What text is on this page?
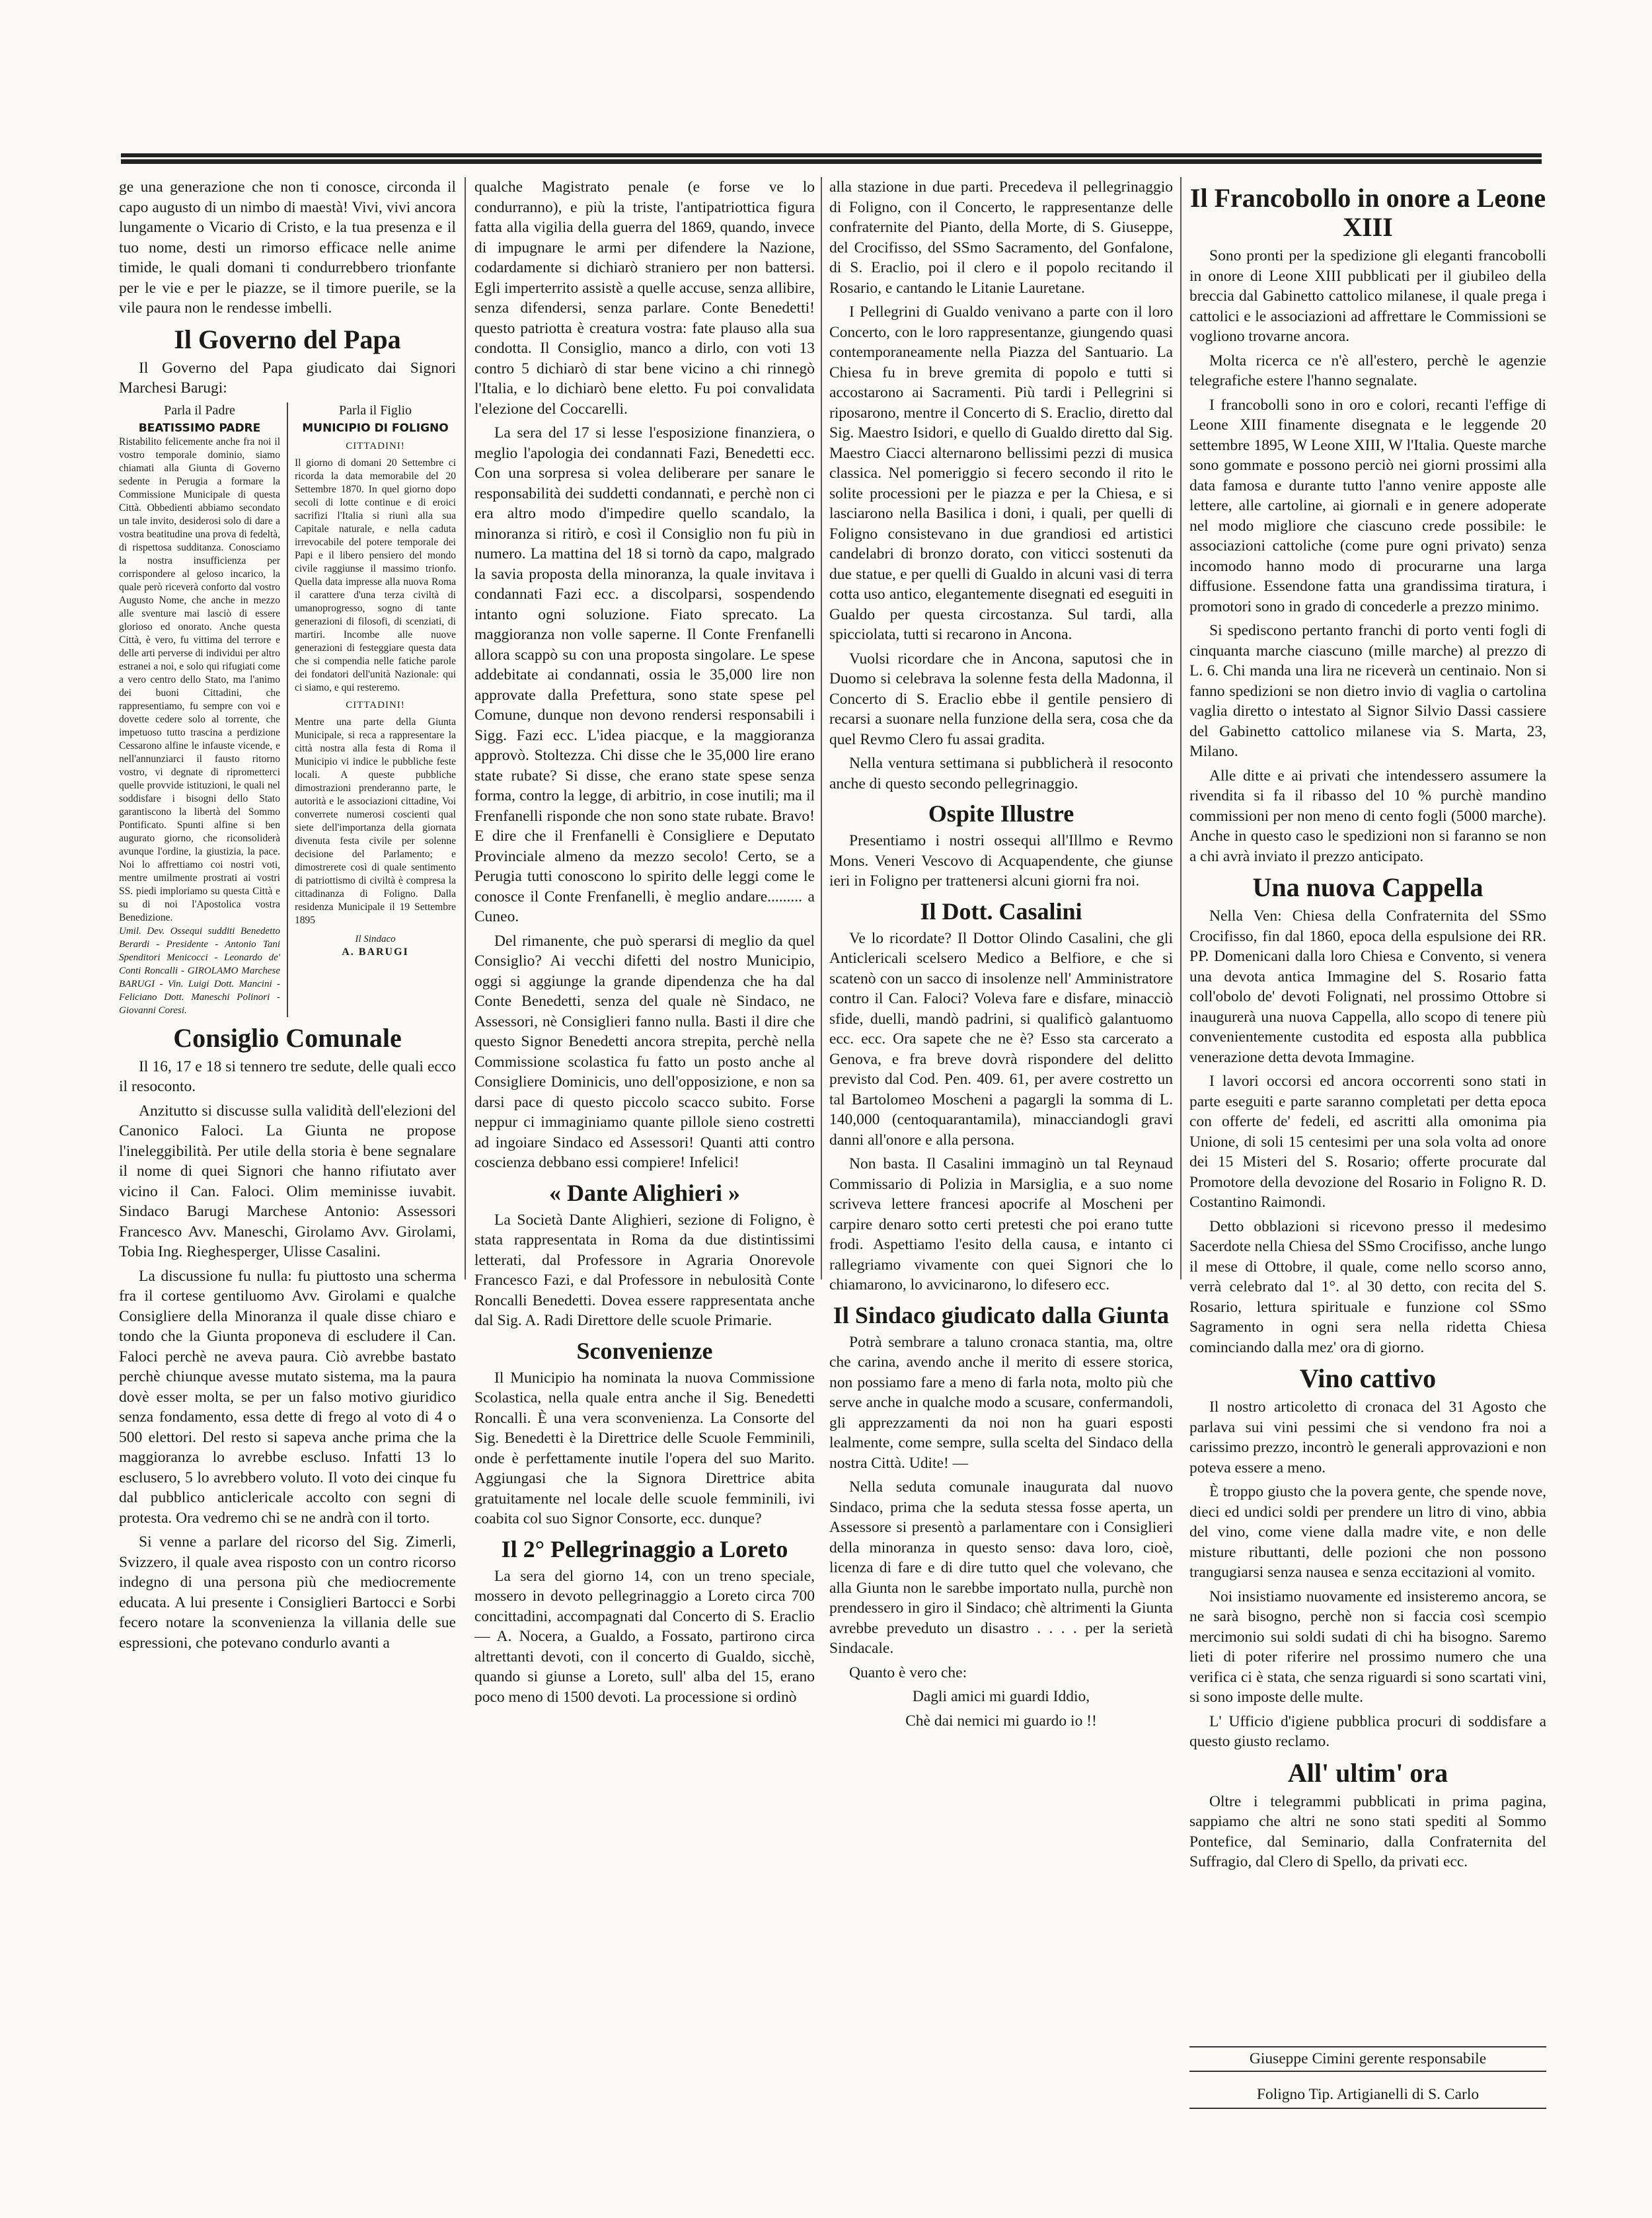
ge una generazione che non ti conosce, circonda il capo augusto di un nimbo di maestà! Vivi, vivi ancora lungamente o Vicario di Cristo, e la tua presenza e il tuo nome, desti un rimorso efficace nelle anime timide, le quali domani ti condurrebbero trionfante per le vie e per le piazze, se il timore puerile, se la vile paura non le rendesse imbelli.

Il Governo del Papa

Il Governo del Papa giudicato dai Signori Marchesi Barugi:

Parla il Padre
BEATISSIMO PADRE
Ristabilito felicemente anche fra noi il vostro temporale dominio, siamo chiamati alla Giunta di Governo sedente in Perugia a formare la Commissione Municipale di questa Città. Obbedienti abbiamo secondato un tale invito, desiderosi solo di dare a vostra beatitudine una prova di fedeltà, di rispettosa sudditanza. Conosciamo la nostra insufficienza per corrispondere al geloso incarico, la quale però riceverà conforto dal vostro Augusto Nome, che anche in mezzo alle sventure mai lasciò di essere glorioso ed onorato. Anche questa Città, è vero, fu vittima del terrore e delle arti perverse di individui per altro estranei a noi, e solo qui rifugiati come a vero centro dello Stato, ma l'animo dei buoni Cittadini, che rappresentiamo, fu sempre con voi e dovette cedere solo al torrente, che impetuoso tutto trascina a perdizione Cessarono alfine le infauste vicende, e nell'annunziarci il fausto ritorno vostro, vi degnate di riprometterci quelle provvide istituzioni, le quali nel soddisfare i bisogni dello Stato garantiscono la libertà del Sommo Pontificato. Spunti alfine si ben augurato giorno, che riconsoliderà avunque l'ordine, la giustizia, la pace. Noi lo affrettiamo coi nostri voti, mentre umilmente prostrati ai vostri SS. piedi imploriamo su questa Città e su di noi l'Apostolica vostra Benedizione.
Umil. Dev. Ossequi sudditi Benedetto Berardi - Presidente - Antonio Tani Spenditori Menicocci - Leonardo de' Conti Roncalli - GIROLAMO Marchese BARUGI - Vin. Luigi Dott. Mancini - Feliciano Dott. Maneschi Polinori - Giovanni Coresi.
Parla il Figlio
MUNICIPIO DI FOLIGNO
CITTADINI!
Il giorno di domani 20 Settembre ci ricorda la data memorabile del 20 Settembre 1870. In quel giorno dopo secoli di lotte continue e di eroici sacrifizi l'Italia si riunì alla sua Capitale naturale, e nella caduta irrevocabile del potere temporale dei Papi e il libero pensiero del mondo civile raggiunse il massimo trionfo. Quella data impresse alla nuova Roma il carattere d'una terza civiltà di umanoprogresso, sogno di tante generazioni di filosofi, di scenziati, di martiri. Incombe alle nuove generazioni di festeggiare questa data che si compendia nelle fatiche parole dei fondatori dell'unità Nazionale: qui ci siamo, e qui resteremo.
CITTADINI!
Mentre una parte della Giunta Municipale, si reca a rappresentare la città nostra alla festa di Roma il Municipio vi indice le pubbliche feste locali. A queste pubbliche dimostrazioni prenderanno parte, le autorità e le associazioni cittadine, Voi converrete numerosi coscienti qual siete dell'importanza della giornata divenuta festa civile per solenne decisione del Parlamento; e dimostrerete così di quale sentimento di patriottismo di civiltà è compresa la cittadinanza di Foligno. Dalla residenza Municipale il 19 Settembre 1895
Il Sindaco
A. BARUGI
Consiglio Comunale

Il 16, 17 e 18 si tennero tre sedute, delle quali ecco il resoconto.

Anzitutto si discusse sulla validità dell'elezioni del Canonico Faloci. La Giunta ne propose l'ineleggibilità. Per utile della storia è bene segnalare il nome di quei Signori che hanno rifiutato aver vicino il Can. Faloci. Olim meminisse iuvabit. Sindaco Barugi Marchese Antonio: Assessori Francesco Avv. Maneschi, Girolamo Avv. Girolami, Tobia Ing. Rieghesperger, Ulisse Casalini.

La discussione fu nulla: fu piuttosto una scherma fra il cortese gentiluomo Avv. Girolami e qualche Consigliere della Minoranza il quale disse chiaro e tondo che la Giunta proponeva di escludere il Can. Faloci perchè ne aveva paura. Ciò avrebbe bastato perchè chiunque avesse mutato sistema, ma la paura dovè esser molta, se per un falso motivo giuridico senza fondamento, essa dette di frego al voto di 4 o 500 elettori. Del resto si sapeva anche prima che la maggioranza lo avrebbe escluso. Infatti 13 lo esclusero, 5 lo avrebbero voluto. Il voto dei cinque fu dal pubblico anticlericale accolto con segni di protesta. Ora vedremo chi se ne andrà con il torto.

Si venne a parlare del ricorso del Sig. Zimerli, Svizzero, il quale avea risposto con un contro ricorso indegno di una persona più che mediocremente educata. A lui presente i Consiglieri Bartocci e Sorbi fecero notare la sconvenienza la villania delle sue espressioni, che potevano condurlo avanti a

qualche Magistrato penale (e forse ve lo condurranno), e più la triste, l'antipatriottica figura fatta alla vigilia della guerra del 1869, quando, invece di impugnare le armi per difendere la Nazione, codardamente si dichiarò straniero per non battersi. Egli imperterrito assistè a quelle accuse, senza allibire, senza difendersi, senza parlare. Conte Benedetti! questo patriotta è creatura vostra: fate plauso alla sua condotta. Il Consiglio, manco a dirlo, con voti 13 contro 5 dichiarò di star bene vicino a chi rinnegò l'Italia, e lo dichiarò bene eletto. Fu poi convalidata l'elezione del Coccarelli.

La sera del 17 si lesse l'esposizione finanziera, o meglio l'apologia dei condannati Fazi, Benedetti ecc. Con una sorpresa si volea deliberare per sanare le responsabilità dei suddetti condannati, e perchè non ci era altro modo d'impedire quello scandalo, la minoranza si ritirò, e così il Consiglio non fu più in numero. La mattina del 18 si tornò da capo, malgrado la savia proposta della minoranza, la quale invitava i condannati Fazi ecc. a discolparsi, sospendendo intanto ogni soluzione. Fiato sprecato. La maggioranza non volle saperne. Il Conte Frenfanelli allora scappò su con una proposta singolare. Le spese addebitate ai condannati, ossia le 35,000 lire non approvate dalla Prefettura, sono state spese pel Comune, dunque non devono rendersi responsabili i Sigg. Fazi ecc. L'idea piacque, e la maggioranza approvò. Stoltezza. Chi disse che le 35,000 lire erano state rubate? Si disse, che erano state spese senza forma, contro la legge, di arbitrio, in cose inutili; ma il Frenfanelli risponde che non sono state rubate. Bravo! E dire che il Frenfanelli è Consigliere e Deputato Provinciale almeno da mezzo secolo! Certo, se a Perugia tutti conoscono lo spirito delle leggi come le conosce il Conte Frenfanelli, è meglio andare......... a Cuneo.

Del rimanente, che può sperarsi di meglio da quel Consiglio? Ai vecchi difetti del nostro Municipio, oggi si aggiunge la grande dipendenza che ha dal Conte Benedetti, senza del quale nè Sindaco, ne Assessori, nè Consiglieri fanno nulla. Basti il dire che questo Signor Benedetti ancora strepita, perchè nella Commissione scolastica fu fatto un posto anche al Consigliere Dominicis, uno dell'opposizione, e non sa darsi pace di questo piccolo scacco subito. Forse neppur ci immaginiamo quante pillole sieno costretti ad ingoiare Sindaco ed Assessori! Quanti atti contro coscienza debbano essi compiere! Infelici!

« Dante Alighieri »

La Società Dante Alighieri, sezione di Foligno, è stata rappresentata in Roma da due distintissimi letterati, dal Professore in Agraria Onorevole Francesco Fazi, e dal Professore in nebulosità Conte Roncalli Benedetti. Dovea essere rappresentata anche dal Sig. A. Radi Direttore delle scuole Primarie.

Sconvenienze

Il Municipio ha nominata la nuova Commissione Scolastica, nella quale entra anche il Sig. Benedetti Roncalli. È una vera sconvenienza. La Consorte del Sig. Benedetti è la Direttrice delle Scuole Femminili, onde è perfettamente inutile l'opera del suo Marito. Aggiungasi che la Signora Direttrice abita gratuitamente nel locale delle scuole femminili, ivi coabita col suo Signor Consorte, ecc. dunque?

Il 2° Pellegrinaggio a Loreto

La sera del giorno 14, con un treno speciale, mossero in devoto pellegrinaggio a Loreto circa 700 concittadini, accompagnati dal Concerto di S. Eraclio — A. Nocera, a Gualdo, a Fossato, partirono circa altrettanti devoti, con il concerto di Gualdo, sicchè, quando si giunse a Loreto, sull' alba del 15, erano poco meno di 1500 devoti. La processione si ordinò

alla stazione in due parti. Precedeva il pellegrinaggio di Foligno, con il Concerto, le rappresentanze delle confraternite del Pianto, della Morte, di S. Giuseppe, del Crocifisso, del SSmo Sacramento, del Gonfalone, di S. Eraclio, poi il clero e il popolo recitando il Rosario, e cantando le Litanie Lauretane.

I Pellegrini di Gualdo venivano a parte con il loro Concerto, con le loro rappresentanze, giungendo quasi contemporaneamente nella Piazza del Santuario. La Chiesa fu in breve gremita di popolo e tutti si accostarono ai Sacramenti. Più tardi i Pellegrini si riposarono, mentre il Concerto di S. Eraclio, diretto dal Sig. Maestro Isidori, e quello di Gualdo diretto dal Sig. Maestro Ciacci alternarono bellissimi pezzi di musica classica. Nel pomeriggio si fecero secondo il rito le solite processioni per le piazza e per la Chiesa, e si lasciarono nella Basilica i doni, i quali, per quelli di Foligno consistevano in due grandiosi ed artistici candelabri di bronzo dorato, con viticci sostenuti da due statue, e per quelli di Gualdo in alcuni vasi di terra cotta uso antico, elegantemente disegnati ed eseguiti in Gualdo per questa circostanza. Sul tardi, alla spicciolata, tutti si recarono in Ancona.

Vuolsi ricordare che in Ancona, saputosi che in Duomo si celebrava la solenne festa della Madonna, il Concerto di S. Eraclio ebbe il gentile pensiero di recarsi a suonare nella funzione della sera, cosa che da quel Revmo Clero fu assai gradita.

Nella ventura settimana si pubblicherà il resoconto anche di questo secondo pellegrinaggio.

Ospite Illustre

Presentiamo i nostri ossequi all'Illmo e Revmo Mons. Veneri Vescovo di Acquapendente, che giunse ieri in Foligno per trattenersi alcuni giorni fra noi.

Il Dott. Casalini

Ve lo ricordate? Il Dottor Olindo Casalini, che gli Anticlericali scelsero Medico a Belfiore, e che si scatenò con un sacco di insolenze nell' Amministratore contro il Can. Faloci? Voleva fare e disfare, minacciò sfide, duelli, mandò padrini, si qualificò galantuomo ecc. ecc. Ora sapete che ne è? Esso sta carcerato a Genova, e fra breve dovrà rispondere del delitto previsto dal Cod. Pen. 409. 61, per avere costretto un tal Bartolomeo Moscheni a pagargli la somma di L. 140,000 (centoquarantamila), minacciandogli gravi danni all'onore e alla persona.

Non basta. Il Casalini immaginò un tal Reynaud Commissario di Polizia in Marsiglia, e a suo nome scriveva lettere francesi apocrife al Moscheni per carpire denaro sotto certi pretesti che poi erano tutte frodi. Aspettiamo l'esito della causa, e intanto ci rallegriamo vivamente con quei Signori che lo chiamarono, lo avvicinarono, lo difesero ecc.

Il Sindaco giudicato dalla Giunta

Potrà sembrare a taluno cronaca stantia, ma, oltre che carina, avendo anche il merito di essere storica, non possiamo fare a meno di farla nota, molto più che serve anche in qualche modo a scusare, confermandoli, gli apprezzamenti da noi non ha guari esposti lealmente, come sempre, sulla scelta del Sindaco della nostra Città. Udite! —

Nella seduta comunale inaugurata dal nuovo Sindaco, prima che la seduta stessa fosse aperta, un Assessore si presentò a parlamentare con i Consiglieri della minoranza in questo senso: dava loro, cioè, licenza di fare e di dire tutto quel che volevano, che alla Giunta non le sarebbe importato nulla, purchè non prendessero in giro il Sindaco; chè altrimenti la Giunta avrebbe preveduto un disastro . . . . per la serietà Sindacale.

Quanto è vero che:

Dagli amici mi guardi Iddio,
Chè dai nemici mi guardo io !!
Il Francobollo in onore a Leone XIII

Sono pronti per la spedizione gli eleganti francobolli in onore di Leone XIII pubblicati per il giubileo della breccia dal Gabinetto cattolico milanese, il quale prega i cattolici e le associazioni ad affrettare le Commissioni se vogliono trovarne ancora.

Molta ricerca ce n'è all'estero, perchè le agenzie telegrafiche estere l'hanno segnalate.

I francobolli sono in oro e colori, recanti l'effige di Leone XIII finamente disegnata e le leggende 20 settembre 1895, W Leone XIII, W l'Italia. Queste marche sono gommate e possono perciò nei giorni prossimi alla data famosa e durante tutto l'anno venire apposte alle lettere, alle cartoline, ai giornali e in genere adoperate nel modo migliore che ciascuno crede possibile: le associazioni cattoliche (come pure ogni privato) senza incomodo hanno modo di procurarne una larga diffusione. Essendone fatta una grandissima tiratura, i promotori sono in grado di concederle a prezzo minimo.

Si spediscono pertanto franchi di porto venti fogli di cinquanta marche ciascuno (mille marche) al prezzo di L. 6. Chi manda una lira ne riceverà un centinaio. Non si fanno spedizioni se non dietro invio di vaglia o cartolina vaglia diretto o intestato al Signor Silvio Dassi cassiere del Gabinetto cattolico milanese via S. Marta, 23, Milano.

Alle ditte e ai privati che intendessero assumere la rivendita si fa il ribasso del 10 % purchè mandino commissioni per non meno di cento fogli (5000 marche). Anche in questo caso le spedizioni non si faranno se non a chi avrà inviato il prezzo anticipato.

Una nuova Cappella

Nella Ven: Chiesa della Confraternita del SSmo Crocifisso, fin dal 1860, epoca della espulsione dei RR. PP. Domenicani dalla loro Chiesa e Convento, si venera una devota antica Immagine del S. Rosario fatta coll'obolo de' devoti Folignati, nel prossimo Ottobre si inaugurerà una nuova Cappella, allo scopo di tenere più convenientemente custodita ed esposta alla pubblica venerazione detta devota Immagine.

I lavori occorsi ed ancora occorrenti sono stati in parte eseguiti e parte saranno completati per detta epoca con offerte de' fedeli, ed ascritti alla omonima pia Unione, di soli 15 centesimi per una sola volta ad onore dei 15 Misteri del S. Rosario; offerte procurate dal Promotore della devozione del Rosario in Foligno R. D. Costantino Raimondi.

Detto obblazioni si ricevono presso il medesimo Sacerdote nella Chiesa del SSmo Crocifisso, anche lungo il mese di Ottobre, il quale, come nello scorso anno, verrà celebrato dal 1°. al 30 detto, con recita del S. Rosario, lettura spirituale e funzione col SSmo Sagramento in ogni sera nella ridetta Chiesa cominciando dalla mez' ora di giorno.

Vino cattivo

Il nostro articoletto di cronaca del 31 Agosto che parlava sui vini pessimi che si vendono fra noi a carissimo prezzo, incontrò le generali approvazioni e non poteva essere a meno.

È troppo giusto che la povera gente, che spende nove, dieci ed undici soldi per prendere un litro di vino, abbia del vino, come viene dalla madre vite, e non delle misture ributtanti, delle pozioni che non possono trangugiarsi senza nausea e senza eccitazioni al vomito.

Noi insistiamo nuovamente ed insisteremo ancora, se ne sarà bisogno, perchè non si faccia così scempio mercimonio sui soldi sudati di chi ha bisogno. Saremo lieti di poter riferire nel prossimo numero che una verifica ci è stata, che senza riguardi si sono scartati vini, si sono imposte delle multe.

L' Ufficio d'igiene pubblica procuri di soddisfare a questo giusto reclamo.

All' ultim' ora

Oltre i telegrammi pubblicati in prima pagina, sappiamo che altri ne sono stati spediti al Sommo Pontefice, dal Seminario, dalla Confraternita del Suffragio, dal Clero di Spello, da privati ecc.

Giuseppe Cimini gerente responsabile
Foligno Tip. Artigianelli di S. Carlo
